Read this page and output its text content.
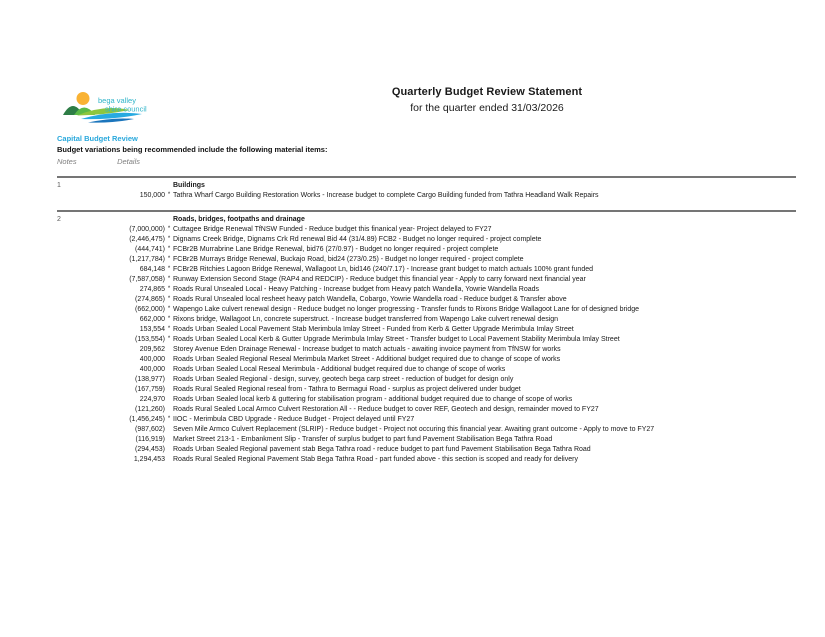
bega valley
shire council
Quarterly Budget Review Statement
for the quarter ended 31/03/2026
Capital Budget Review
Budget variations being recommended include the following material items:
Notes	Details
1	Buildings
150,000 * Tathra Wharf Cargo Building Restoration Works - Increase budget to complete Cargo Building funded from Tathra Headland Walk Repairs
2	Roads, bridges, footpaths and drainage
(7,000,000) * Cuttagee Bridge Renewal TfNSW Funded - Reduce budget this finanical year- Project delayed to FY27
(2,446,475) * Dignams Creek Bridge, Dignams Crk Rd renewal Bid 44 (31/4.89) FCB2 - Budget no longer required - project complete
(444,741) * FCBr2B Murrabrine Lane Bridge Renewal, bid76 (27/0.97) - Budget no longer required - project complete
(1,217,784) * FCBr2B Murrays Bridge Renewal, Buckajo Road, bid24 (273/0.25) - Budget no longer required - project complete
684,148 * FCBr2B Ritchies Lagoon Bridge Renewal, Wallagoot Ln, bid146 (240/7.17) - Increase grant budget to match actuals 100% grant funded
(7,587,058) * Runway Extension Second Stage (RAP4 and REDCIP) - Reduce budget this financial year - Apply to carry forward next financial year
274,865 * Roads Rural Unsealed Local - Heavy Patching - Increase budget from Heavy patch Wandella, Yowrie Wandella Roads
(274,865) * Roads Rural Unsealed local resheet heavy patch Wandella, Cobargo, Yowrie Wandella road - Reduce budget & Transfer above
(662,000) * Wapengo Lake culvert renewal design - Reduce budget no longer progressing - Transfer funds to Rixons Bridge Wallagoot Lane for of designed bridge
662,000 * Rixons bridge, Wallagoot Ln, concrete superstruct. - Increase budget transferred from Wapengo Lake culvert renewal design
153,554 * Roads Urban Sealed Local Pavement Stab Merimbula Imlay Street - Funded from Kerb & Getter Upgrade Merimbula Imlay Street
(153,554) * Roads Urban Sealed Local Kerb & Gutter Upgrade Merimbula Imlay Street - Transfer budget to Local Pavement Stability Merimbula Imlay Street
209,562 Storey Avenue Eden Drainage Renewal - Increase budget to match actuals - awaiting invoice payment from TfNSW for works
400,000 Roads Urban Sealed Regional Reseal Merimbula Market Street - Additional budget required due to change of scope of works
400,000 Roads Urban Sealed Local Reseal Merimbula - Additional budget required due to change of scope of works
(138,977) Roads Urban Sealed Regional - design, survey, geotech bega carp street - reduction of budget for design only
(167,759) Roads Rural Sealed Regional reseal from - Tathra to Bermagui Road - surplus as project delivered under budget
224,970 Roads Urban Sealed local kerb & guttering for stabilisation program - additional budget required due to change of scope of works
(121,260) Roads Rural Sealed Local Armco Culvert Restoration All - - Reduce budget to cover REF, Geotech and design, remainder moved to FY27
(1,456,245) * IIOC - Merimbula CBD Upgrade - Reduce Budget - Project delayed until FY27
(987,602) Seven Mile Armco Culvert Replacement (SLRIP) - Reduce budget - Project not occuring this financial year. Awaiting grant outcome - Apply to move to FY27
(116,919) Market Street 213-1 - Embankment Slip - Transfer of surplus budget to part fund Pavement Stabilisation Bega Tathra Road
(294,453) Roads Urban Sealed Regional pavement stab Bega Tathra road - reduce budget to part fund Pavement Stabilisation Bega Tathra Road
1,294,453 Roads Rural Sealed Regional Pavement Stab Bega Tathra Road - part funded above - this section is scoped and ready for delivery
